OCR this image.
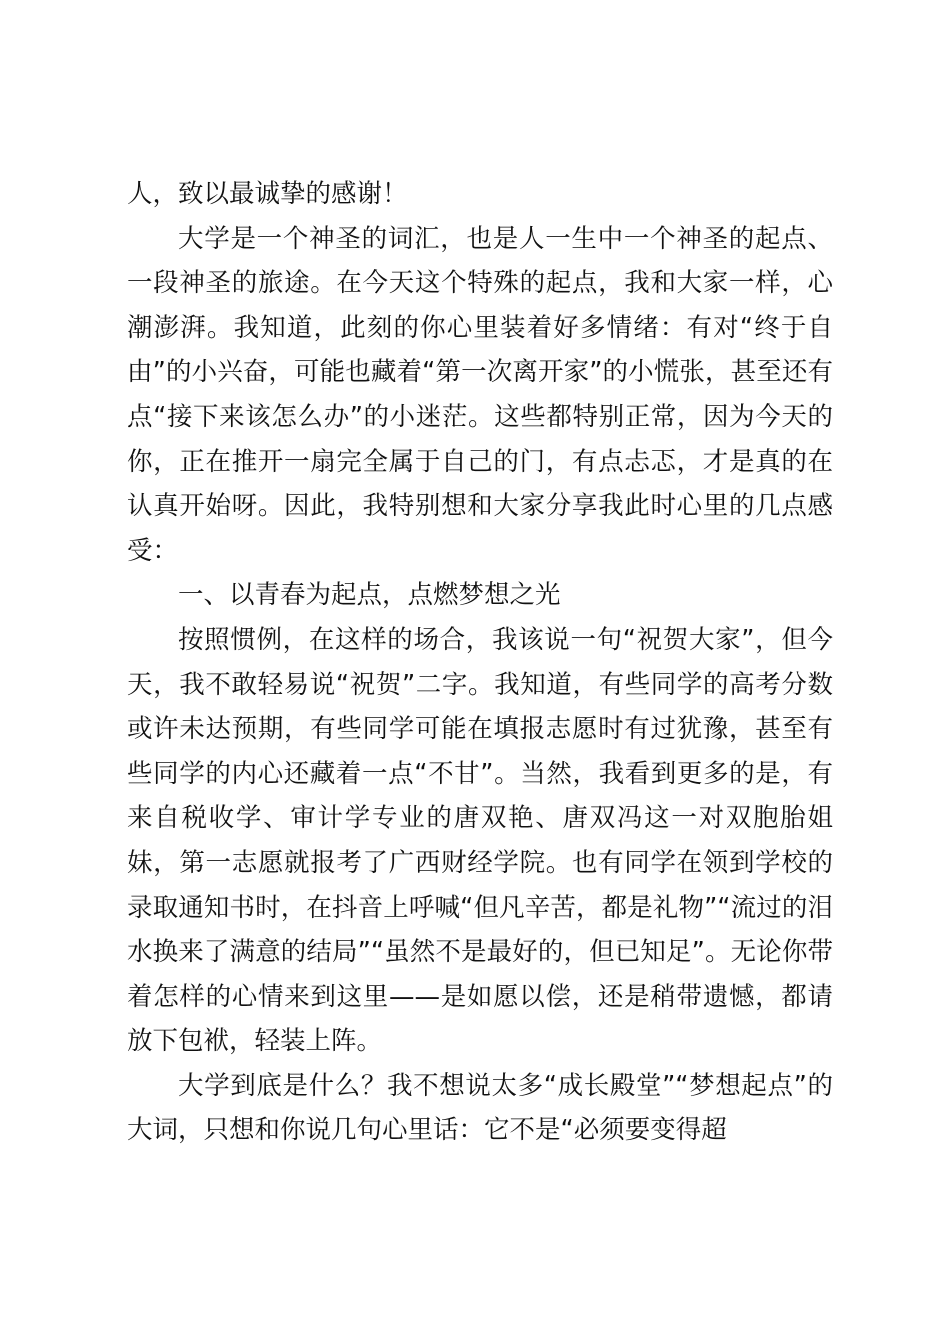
人，致以最诚挚的感谢！

大学是一个神圣的词汇，也是人一生中一个神圣的起点、一段神圣的旅途。在今天这个特殊的起点，我和大家一样，心潮澎湃。我知道，此刻的你心里装着好多情绪：有对“终于自由”的小兴奋，可能也藏着“第一次离开家”的小慌张，甚至还有点“接下来该怎么办”的小迷茫。这些都特别正常，因为今天的你，正在推开一扇完全属于自己的门，有点忐忑，才是真的在认真开始呀。因此，我特别想和大家分享我此时心里的几点感受：

一、以青春为起点，点燃梦想之光

按照惯例，在这样的场合，我该说一句“祝贺大家”，但今天，我不敢轻易说“祝贺”二字。我知道，有些同学的高考分数或许未达预期，有些同学可能在填报志愿时有过犹豫，甚至有些同学的内心还藏着一点“不甘”。当然，我看到更多的是，有来自税收学、审计学专业的唐双艳、唐双冯这一对双胞胎姐妹，第一志愿就报考了广西财经学院。也有同学在领到学校的录取通知书时，在抖音上呼喊“但凡辛苦，都是礼物”“流过的泪水换来了满意的结局”“虽然不是最好的，但已知足”。无论你带着怎样的心情来到这里——是如愿以偿，还是稍带遗憾，都请放下包袱，轻装上阵。

大学到底是什么？我不想说太多“成长殿堂”“梦想起点”的大词，只想和你说几句心里话：它不是“必须要变得超
